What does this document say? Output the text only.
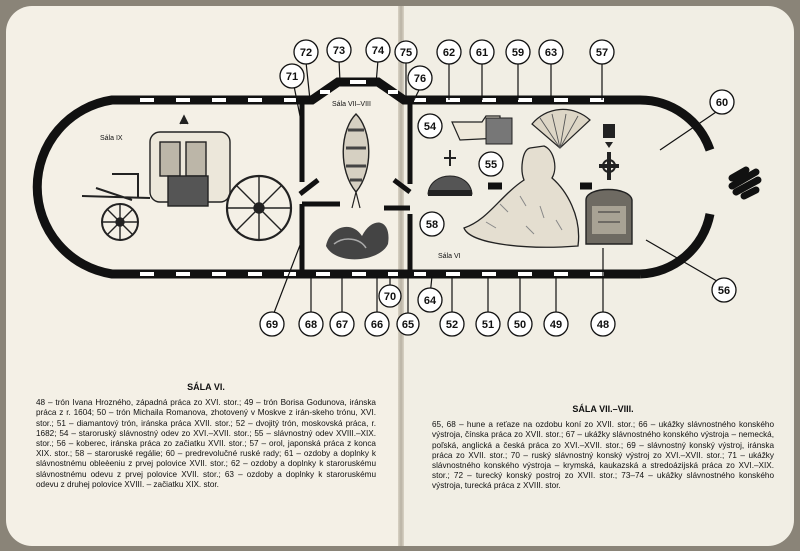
Sála IX
Sála VII–VIII
Sála VI
72 73 74 75	62 61 59 63	57
71	76
60
54
55
58
69 68 67 66
70
65
64
52 51 50 49	48
56
SÁLA VI.

48 – trón Ivana Hrozného, západná práca zo XVI. stor.; 49 – trón Borisa Godunova, iránska práca z r. 1604; 50 – trón Michaila Romanova, zhotovený v Moskve z irán-skeho trónu, XVI. stor.; 51 – diamantový trón, iránska práca XVII. stor.; 52 – dvojitý trón, moskovská práca, r. 1682; 54 – staroruský slávnostný odev zo XVI.–XVII. stor.; 55 – slávnostný odev XVIII.–XIX. stor.; 56 – koberec, iránska práca zo začiatku XVII. stor.; 57 – orol, japonská práca z konca XIX. stor.; 58 – staroruské regálie; 60 – predrevolučné ruské rady; 61 – ozdoby a doplnky k slávnostnému obleèeniu z prvej polovice XVII. stor.; 62 – ozdoby a doplnky k staroruskému slávnostnému odevu z prvej polovice XVII. stor.; 63 – ozdoby a doplnky k staroruskému odevu z druhej polovice XVIII. – začiatku XIX. stor.

SÁLA VII.–VIII.

65, 68 – hune a reťaze na ozdobu koní zo XVII. stor.; 66 – ukážky slávnostného konského výstroja, čínska práca zo XVII. stor.; 67 – ukážky slávnostného konského výstroja – nemecká, poľská, anglická a česká práca zo XVI.–XVII. stor.; 69 – slávnostný konský výstroj, iránska práca zo XVII. stor.; 70 – ruský slávnostný konský výstroj zo XVI.–XVII. stor.; 71 – ukážky slávnostného konského výstroja – krymská, kaukazská a stredoázijská práca zo XVI.–XIX. stor.; 72 – turecký konský postroj zo XVII. stor.; 73–74 – ukážky slávnostného konského výstroja, turecká práca z XVIII. stor.
